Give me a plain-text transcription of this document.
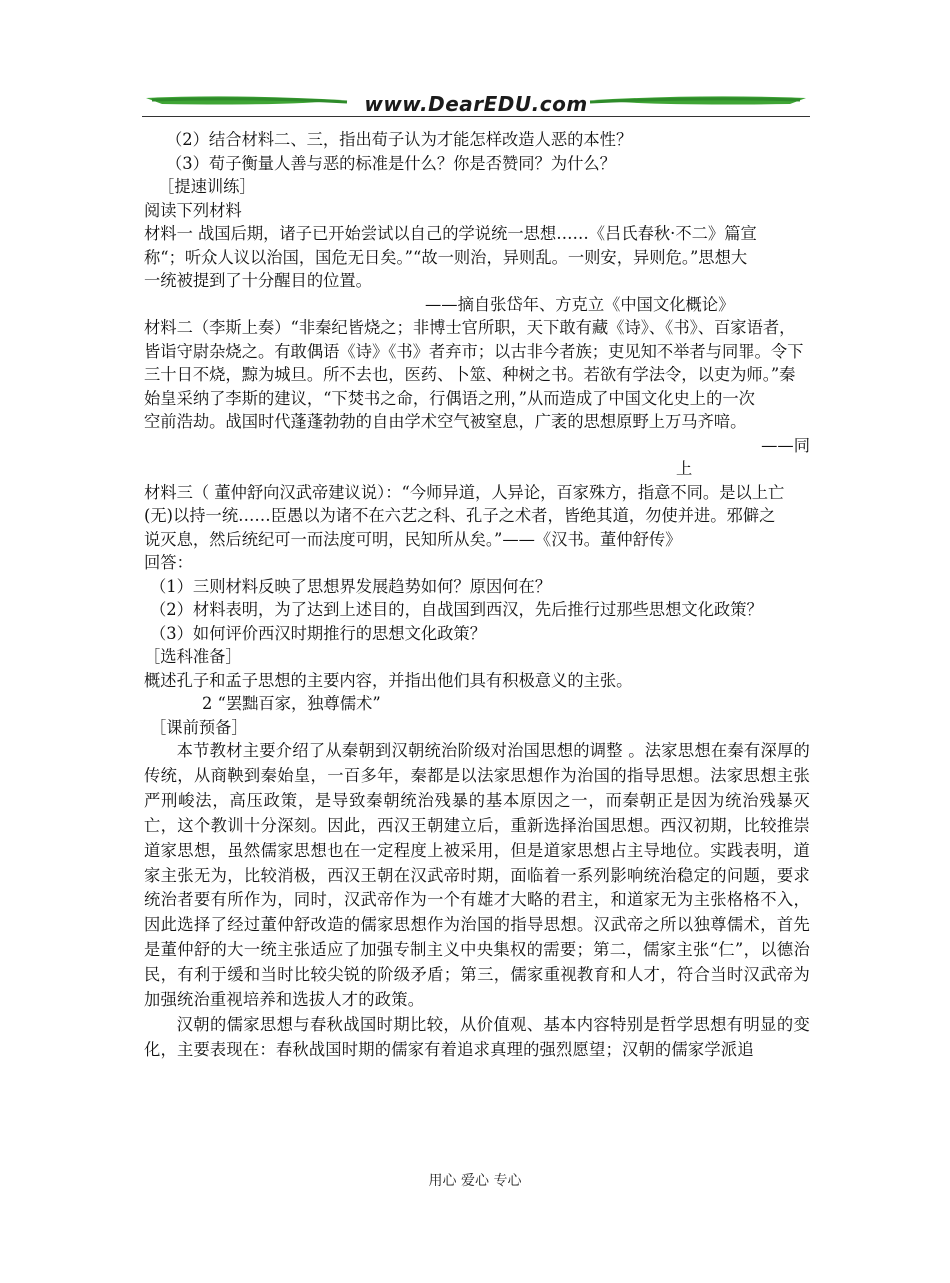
www.DearEDU.com
（2）结合材料二、三，指出荀子认为才能怎样改造人恶的本性？
（3）荀子衡量人善与恶的标准是什么？你是否赞同？为什么？
［提速训练］
阅读下列材料
材料一 战国后期，诸子已开始尝试以自己的学说统一思想……《吕氏春秋·不二》篇宣
称“；听众人议以治国，国危无日矣。”“故一则治，异则乱。一则安，异则危。”思想大
一统被提到了十分醒目的位置。
——摘自张岱年、方克立《中国文化概论》
材料二（李斯上奏）“非秦纪皆烧之；非博士官所职，天下敢有藏《诗》、《书》、百家语者，
皆诣守尉杂烧之。有敢偶语《诗》《书》者弃市；以古非今者族；吏见知不举者与同罪。令下
三十日不烧，黥为城旦。所不去也，医药、卜筮、种树之书。若欲有学法令，以吏为师。”秦
始皇采纳了李斯的建议，“下焚书之命，行偶语之刑，”从而造成了中国文化史上的一次
空前浩劫。战国时代蓬蓬勃勃的自由学术空气被窒息，广袤的思想原野上万马齐喑。
——同
上
材料三（ 董仲舒向汉武帝建议说）：“今师异道，人异论，百家殊方，指意不同。是以上亡
(无)以持一统……臣愚以为诸不在六艺之科、孔子之术者，皆绝其道，勿使并进。邪僻之
说灭息，然后统纪可一而法度可明，民知所从矣。”——《汉书。董仲舒传》
回答：
（1）三则材料反映了思想界发展趋势如何？原因何在？
（2）材料表明，为了达到上述目的，自战国到西汉，先后推行过那些思想文化政策？
（3）如何评价西汉时期推行的思想文化政策？
［选科准备］
概述孔子和孟子思想的主要内容，并指出他们具有积极意义的主张。
2 “罢黜百家，独尊儒术”
［课前预备］
本节教材主要介绍了从秦朝到汉朝统治阶级对治国思想的调整 。法家思想在秦有深厚的传统，从商鞅到秦始皇，一百多年，秦都是以法家思想作为治国的指导思想。法家思想主张严刑峻法，高压政策，是导致秦朝统治残暴的基本原因之一，而秦朝正是因为统治残暴灭亡，这个教训十分深刻。因此，西汉王朝建立后，重新选择治国思想。西汉初期，比较推崇道家思想，虽然儒家思想也在一定程度上被采用，但是道家思想占主导地位。实践表明，道家主张无为，比较消极，西汉王朝在汉武帝时期，面临着一系列影响统治稳定的问题，要求统治者要有所作为，同时，汉武帝作为一个有雄才大略的君主，和道家无为主张格格不入，因此选择了经过董仲舒改造的儒家思想作为治国的指导思想。汉武帝之所以独尊儒术，首先是董仲舒的大一统主张适应了加强专制主义中央集权的需要；第二，儒家主张“仁”，以德治民，有利于缓和当时比较尖锐的阶级矛盾；第三，儒家重视教育和人才，符合当时汉武帝为加强统治重视培养和选拔人才的政策。
汉朝的儒家思想与春秋战国时期比较，从价值观、基本内容特别是哲学思想有明显的变化，主要表现在：春秋战国时期的儒家有着追求真理的强烈愿望；汉朝的儒家学派追
用心 爱心 专心
